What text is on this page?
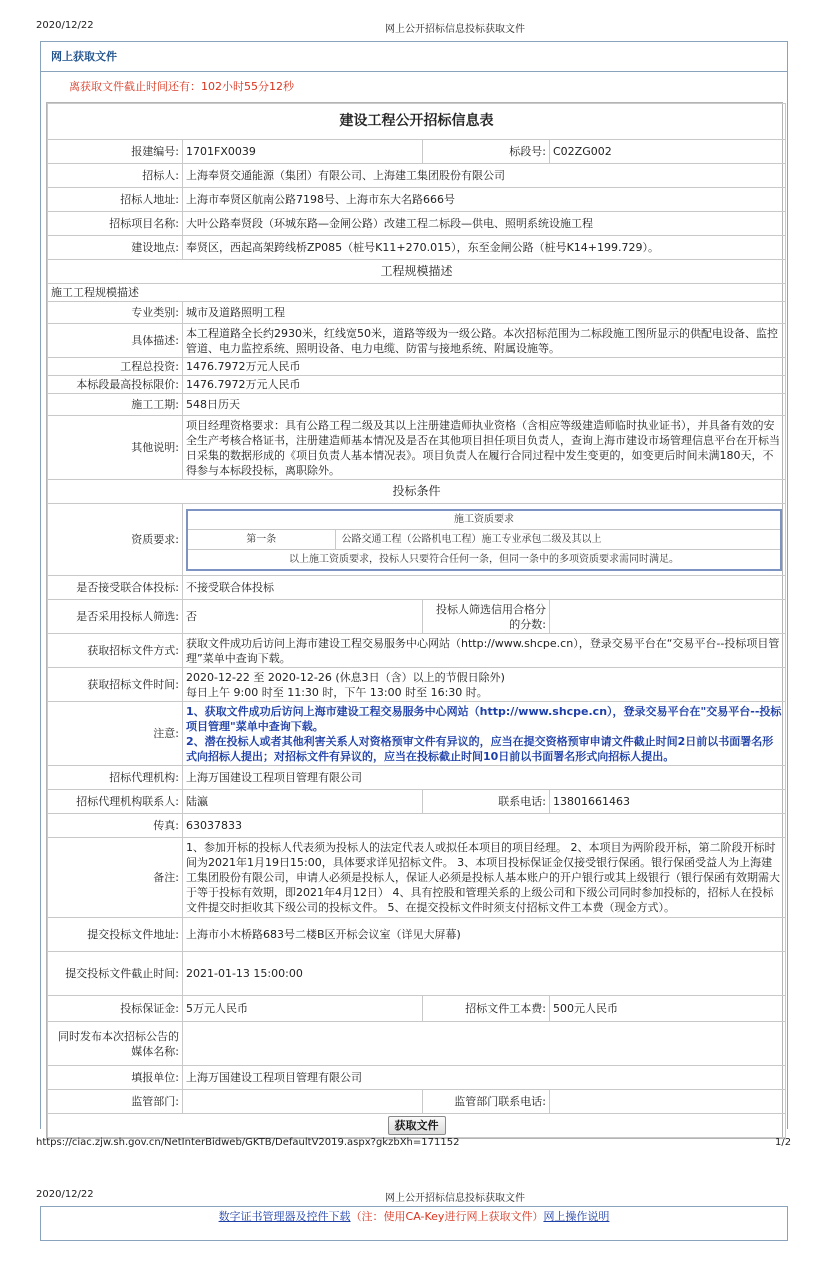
2020/12/22	网上公开招标信息投标获取文件
网上获取文件
离获取文件截止时间还有：102小时55分12秒
建设工程公开招标信息表
报建编号:	1701FX0039	标段号:	C02ZG002
招标人:	上海奉贤交通能源（集团）有限公司、上海建工集团股份有限公司
招标人地址:	上海市奉贤区航南公路7198号、上海市东大名路666号
招标项目名称:	大叶公路奉贤段（环城东路—金闸公路）改建工程二标段—供电、照明系统设施工程
建设地点:	奉贤区，西起高架跨线桥ZP085（桩号K11+270.015），东至金闸公路（桩号K14+199.729）。
工程规模描述
施工工程规模描述
专业类别:	城市及道路照明工程
具体描述:	本工程道路全长约2930米，红线宽50米，道路等级为一级公路。本次招标范围为二标段施工图所显示的供配电设备、监控管道、电力监控系统、照明设备、电力电缆、防雷与接地系统、附属设施等。
工程总投资:	1476.7972万元人民币
本标段最高投标限价:	1476.7972万元人民币
施工工期:	548日历天
其他说明:	项目经理资格要求：具有公路工程二级及其以上注册建造师执业资格（含相应等级建造师临时执业证书），并具备有效的安全生产考核合格证书，注册建造师基本情况及是否在其他项目担任项目负责人，查询上海市建设市场管理信息平台在开标当日采集的数据形成的《项目负责人基本情况表》。项目负责人在履行合同过程中发生变更的，如变更后时间未满180天，不得参与本标段投标，离职除外。
投标条件
资质要求:	
施工资质要求
第一条	公路交通工程（公路机电工程）施工专业承包二级及其以上
以上施工资质要求，投标人只要符合任何一条，但同一条中的多项资质要求需同时满足。

是否接受联合体投标:	不接受联合体投标
是否采用投标人筛选:	否	投标人筛选信用合格分的分数:	
获取招标文件方式:	获取文件成功后访问上海市建设工程交易服务中心网站（http://www.shcpe.cn），登录交易平台在“交易平台--投标项目管理”菜单中查询下载。
获取招标文件时间:	
2020-12-22 至 2020-12-26 (休息3日（含）以上的节假日除外)
每日上午 9:00 时至 11:30 时，下午 13:00 时至 16:30 时。

注意:	
1、获取文件成功后访问上海市建设工程交易服务中心网站（http://www.shcpe.cn），登录交易平台在"交易平台--投标项目管理"菜单中查询下载。
2、潜在投标人或者其他利害关系人对资格预审文件有异议的，应当在提交资格预审申请文件截止时间2日前以书面署名形式向招标人提出；对招标文件有异议的，应当在投标截止时间10日前以书面署名形式向招标人提出。

招标代理机构:	上海万国建设工程项目管理有限公司
招标代理机构联系人:	陆瀛	联系电话:	13801661463
传真:	63037833
备注:	1、参加开标的投标人代表须为投标人的法定代表人或拟任本项目的项目经理。 2、本项目为两阶段开标，第二阶段开标时间为2021年1月19日15:00，具体要求详见招标文件。 3、本项目投标保证金仅接受银行保函。银行保函受益人为上海建工集团股份有限公司，申请人必须是投标人，保证人必须是投标人基本账户的开户银行或其上级银行（银行保函有效期需大于等于投标有效期，即2021年4月12日） 4、具有控股和管理关系的上级公司和下级公司同时参加投标的，招标人在投标文件提交时拒收其下级公司的投标文件。 5、在提交投标文件时须支付招标文件工本费（现金方式）。
提交投标文件地址:	上海市小木桥路683号二楼B区开标会议室（详见大屏幕)
提交投标文件截止时间:	2021-01-13 15:00:00
投标保证金:	5万元人民币	招标文件工本费:	500元人民币
同时发布本次招标公告的媒体名称:	
填报单位:	上海万国建设工程项目管理有限公司
监管部门:		监管部门联系电话:	
获取文件
https://ciac.zjw.sh.gov.cn/NetInterBidweb/GKTB/DefaultV2019.aspx?gkzbXh=171152	1/2
2020/12/22	网上公开招标信息投标获取文件
数字证书管理器及控件下载（注：使用CA-Key进行网上获取文件）网上操作说明
